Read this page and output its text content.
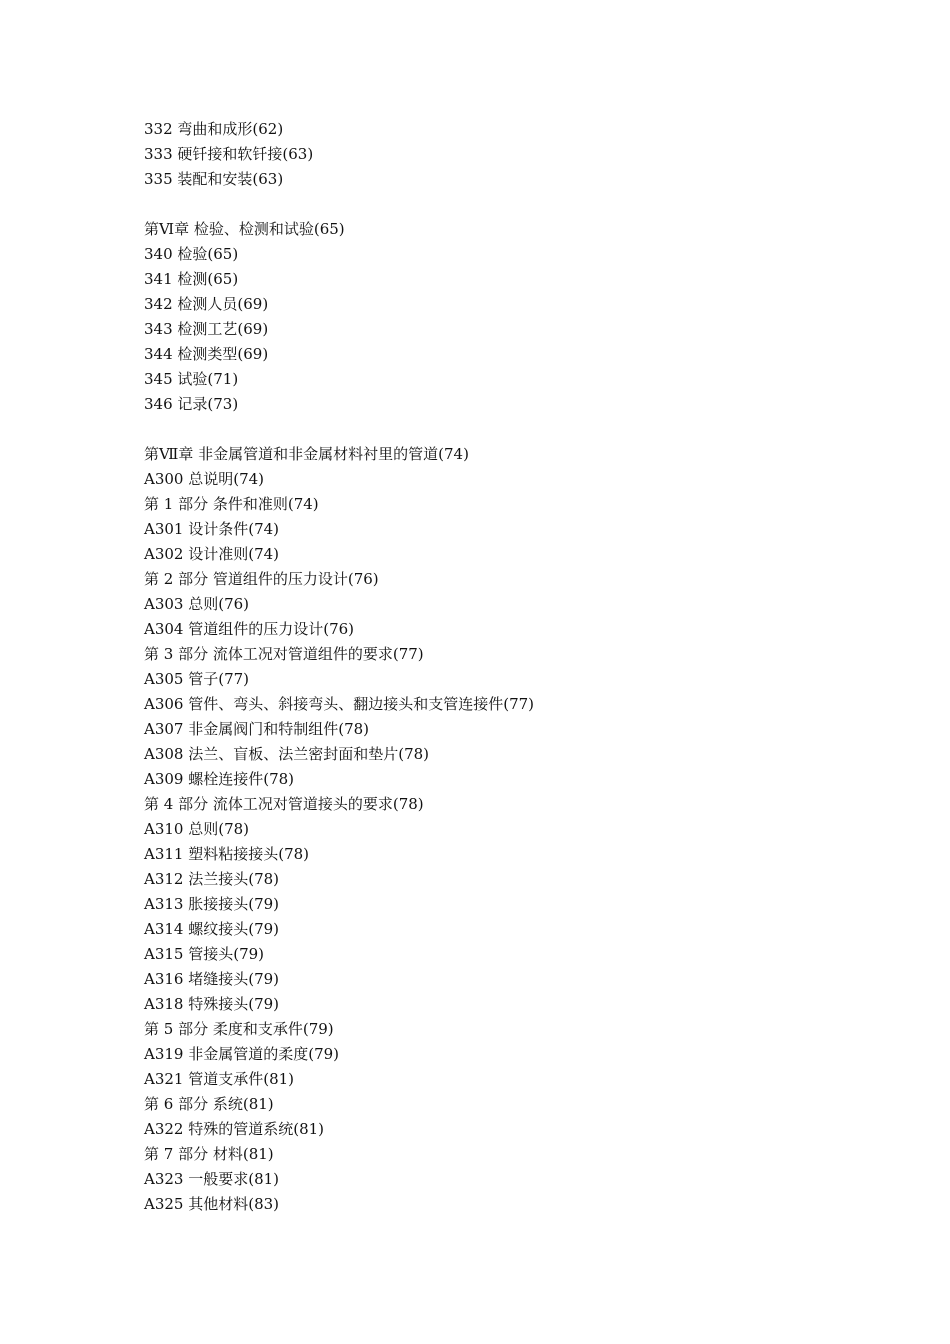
332 弯曲和成形(62)
333 硬钎接和软钎接(63)
335 装配和安装(63)
第Ⅵ章 检验、检测和试验(65)
340 检验(65)
341 检测(65)
342 检测人员(69)
343 检测工艺(69)
344 检测类型(69)
345 试验(71)
346 记录(73)
第Ⅶ章 非金属管道和非金属材料衬里的管道(74)
A300 总说明(74)
第 1 部分 条件和准则(74)
A301 设计条件(74)
A302 设计准则(74)
第 2 部分 管道组件的压力设计(76)
A303 总则(76)
A304 管道组件的压力设计(76)
第 3 部分 流体工况对管道组件的要求(77)
A305 管子(77)
A306 管件、弯头、斜接弯头、翻边接头和支管连接件(77)
A307 非金属阀门和特制组件(78)
A308 法兰、盲板、法兰密封面和垫片(78)
A309 螺栓连接件(78)
第 4 部分 流体工况对管道接头的要求(78)
A310 总则(78)
A311 塑料粘接接头(78)
A312 法兰接头(78)
A313 胀接接头(79)
A314 螺纹接头(79)
A315 管接头(79)
A316 堵缝接头(79)
A318 特殊接头(79)
第 5 部分 柔度和支承件(79)
A319 非金属管道的柔度(79)
A321 管道支承件(81)
第 6 部分 系统(81)
A322 特殊的管道系统(81)
第 7 部分 材料(81)
A323 一般要求(81)
A325 其他材料(83)
